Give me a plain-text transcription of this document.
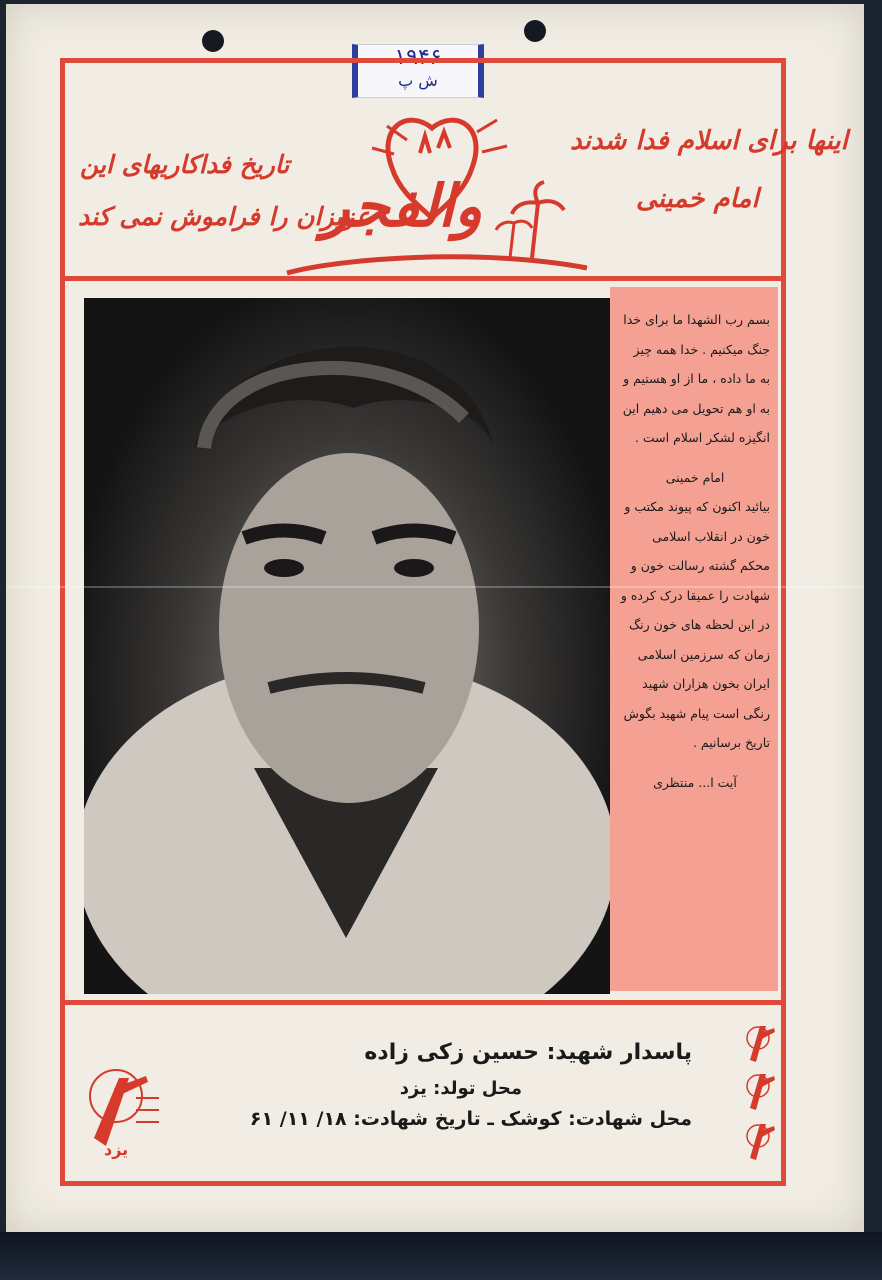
۱۹۴۶
ش پ
اینها برای اسلام فدا شدند
امام خمینی
تاریخ فداکاریهای این
عزیزان را فراموش نمی کند
والفجر

بسم رب الشهدا ما برای خدا جنگ میکنیم . خدا همه چیز به ما داده ، ما از او هستیم و به او هم تحویل می دهیم این انگیزه لشکر اسلام است .

امام خمینی

بیائید اکنون که پیوند مکتب و خون در انقلاب اسلامی محکم گشته رسالت خون و شهادت را عمیقا درک کرده و در این لحظه های خون رنگ زمان که سرزمین اسلامی ایران بخون هزاران شهید رنگی است پیام شهید بگوش تاریخ برسانیم .

آیت ا... منتظری

پاسدار شهید: حسین زکی زاده
محل تولد: یزد
محل شهادت: کوشک ـ تاریخ شهادت: ۱۸/ ۱۱/ ۶۱
یزد
